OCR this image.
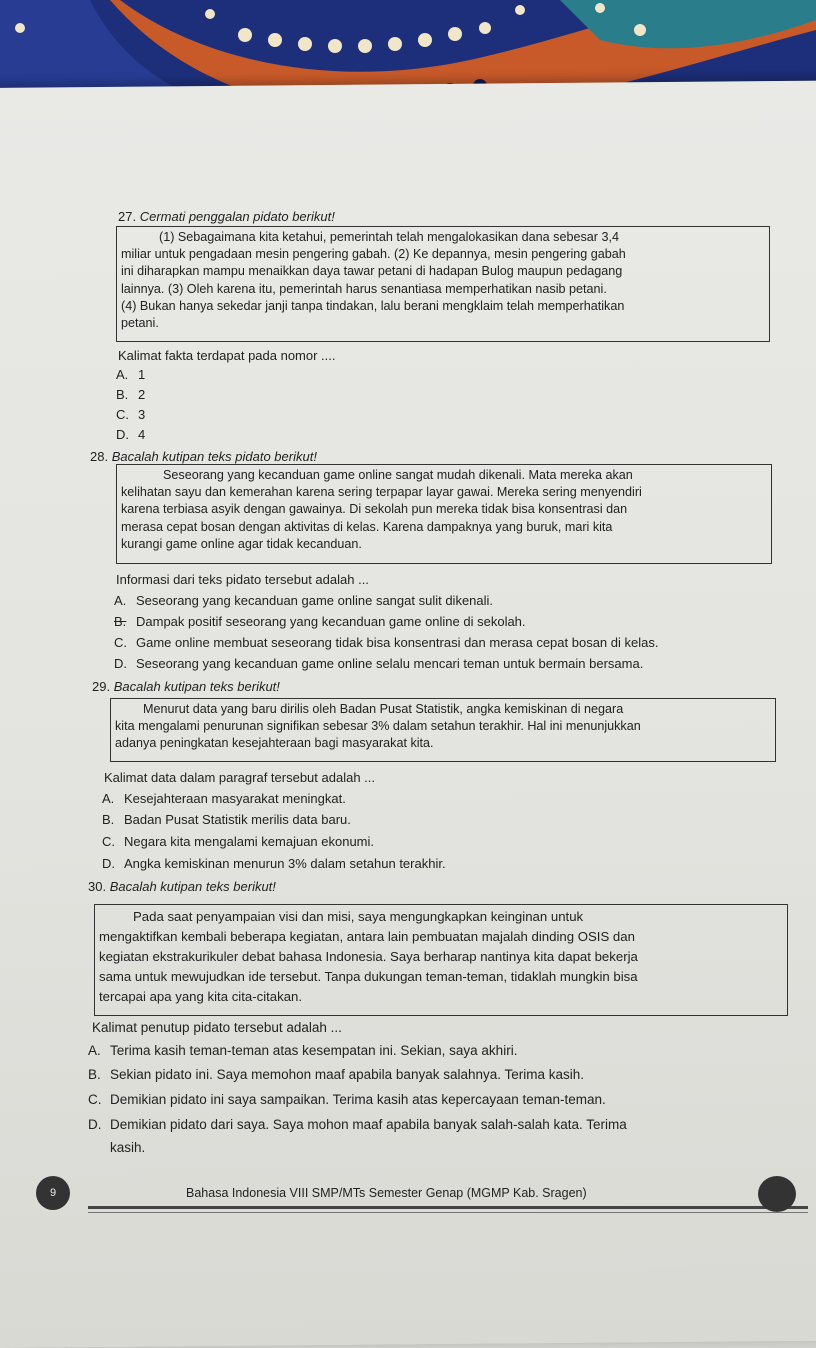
27. Cermati penggalan pidato berikut!

(1) Sebagaimana kita ketahui, pemerintah telah mengalokasikan dana sebesar 3,4

miliar untuk pengadaan mesin pengering gabah. (2) Ke depannya, mesin pengering gabah

ini diharapkan mampu menaikkan daya tawar petani di hadapan Bulog maupun pedagang

lainnya. (3) Oleh karena itu, pemerintah harus senantiasa memperhatikan nasib petani.

(4) Bukan hanya sekedar janji tanpa tindakan, lalu berani mengklaim telah memperhatikan

petani.

Kalimat fakta terdapat pada nomor ....
A. 1
B. 2
C. 3
D. 4
28. Bacalah kutipan teks pidato berikut!

Seseorang yang kecanduan game online sangat mudah dikenali. Mata mereka akan

kelihatan sayu dan kemerahan karena sering terpapar layar gawai. Mereka sering menyendiri

karena terbiasa asyik dengan gawainya. Di sekolah pun mereka tidak bisa konsentrasi dan

merasa cepat bosan dengan aktivitas di kelas. Karena dampaknya yang buruk, mari kita

kurangi game online agar tidak kecanduan.

Informasi dari teks pidato tersebut adalah ...
A. Seseorang yang kecanduan game online sangat sulit dikenali.
B. Dampak positif seseorang yang kecanduan game online di sekolah.
C. Game online membuat seseorang tidak bisa konsentrasi dan merasa cepat bosan di kelas.
D. Seseorang yang kecanduan game online selalu mencari teman untuk bermain bersama.
29. Bacalah kutipan teks berikut!

Menurut data yang baru dirilis oleh Badan Pusat Statistik, angka kemiskinan di negara

kita mengalami penurunan signifikan sebesar 3% dalam setahun terakhir. Hal ini menunjukkan

adanya peningkatan kesejahteraan bagi masyarakat kita.

Kalimat data dalam paragraf tersebut adalah ...
A. Kesejahteraan masyarakat meningkat.
B. Badan Pusat Statistik merilis data baru.
C. Negara kita mengalami kemajuan ekonumi.
D. Angka kemiskinan menurun 3% dalam setahun terakhir.
30. Bacalah kutipan teks berikut!

Pada saat penyampaian visi dan misi, saya mengungkapkan keinginan untuk

mengaktifkan kembali beberapa kegiatan, antara lain pembuatan majalah dinding OSIS dan

kegiatan ekstrakurikuler debat bahasa Indonesia. Saya berharap nantinya kita dapat bekerja

sama untuk mewujudkan ide tersebut. Tanpa dukungan teman-teman, tidaklah mungkin bisa

tercapai apa yang kita cita-citakan.

Kalimat penutup pidato tersebut adalah ...
A. Terima kasih teman-teman atas kesempatan ini. Sekian, saya akhiri.
B. Sekian pidato ini. Saya memohon maaf apabila banyak salahnya. Terima kasih.
C. Demikian pidato ini saya sampaikan. Terima kasih atas kepercayaan teman-teman.
D. Demikian pidato dari saya. Saya mohon maaf apabila banyak salah-salah kata. Terima
kasih.
9	Bahasa Indonesia VIII SMP/MTs Semester Genap (MGMP Kab. Sragen)
